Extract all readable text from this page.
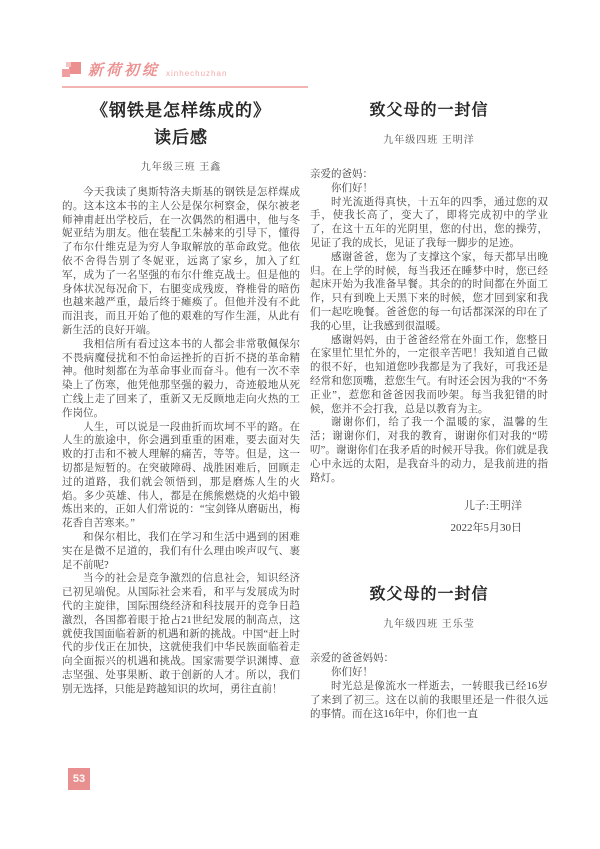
新荷初绽 xinhechuzhan
《钢铁是怎样练成的》
读后感
九年级三班 王鑫

今天我读了奥斯特洛夫斯基的钢铁是怎样煤成的。这本这本书的主人公是保尔柯察金，保尔被老师神甫赶出学校后，在一次偶然的相遇中，他与冬妮亚结为朋友。他在装配工朱赫来的引导下，懂得了布尔什维克是为穷人争取解放的革命政党。他依依不舍得告别了冬妮亚，远离了家乡，加入了红军，成为了一名坚强的布尔什维克战士。但是他的身体状况每况俞下，右腿变成残废，脊椎骨的暗伤也越来越严重，最后终于瘫痪了。但他并没有不此而沮丧，而且开始了他的艰难的写作生涯，从此有新生活的良好开端。

我相信所有看过这本书的人都会非常敬佩保尔不畏病魔侵扰和不怕命运挫折的百折不挠的革命精神。他时刻都在为革命事业而奋斗。他有一次不幸染上了伤寒，他凭他那坚强的毅力，奇迹般地从死亡线上走了回来了，重新又无反顾地走向火热的工作岗位。

人生，可以说是一段曲折而坎坷不平的路。在人生的旅途中，你会遇到重重的困难，要去面对失败的打击和不被人理解的痛苦，等等。但是，这一切都是短暂的。在突破障碍、战胜困难后，回顾走过的道路，我们就会领悟到，那是磨炼人生的火焰。多少英雄、伟人，都是在熊熊燃烧的火焰中锻炼出来的，正如人们常说的：“宝剑锋从磨砺出，梅花香自苦寒来。”

和保尔相比，我们在学习和生活中遇到的困难实在是微不足道的，我们有什么理由唉声叹气、裹足不前呢?

当今的社会是竞争激烈的信息社会，知识经济已初见端倪。从国际社会来看，和平与发展成为时代的主旋律，国际围绕经济和科技展开的竞争日趋激烈，各国都着眼于抢占21世纪发展的制高点，这就使我国面临着新的机遇和新的挑战。中国“赶上时代的步伐正在加快，这就使我们中华民族面临着走向全面振兴的机遇和挑战。国家需要学识渊博、意志坚强、处事果断、敢于创新的人才。所以，我们别无选择，只能是跨越知识的坎坷，勇往直前！

致父母的一封信
九年级四班 王明洋

亲爱的爸妈：

你们好！

时光流逝得真快，十五年的四季，通过您的双手，使我长高了，变大了，即将完成初中的学业了，在这十五年的光阴里，您的付出，您的操劳，见证了我的成长，见证了我每一脚步的足迹。

感谢爸爸，您为了支撑这个家，每天都早出晚归。在上学的时候，每当我还在睡梦中时，您已经起床开始为我准备早餐。其余的的时间都在外面工作，只有到晚上天黑下来的时候，您才回到家和我们一起吃晚餐。爸爸您的每一句话都深深的印在了我的心里，让我感到很温暖。

感谢妈妈，由于爸爸经常在外面工作，您整日在家里忙里忙外的，一定很辛苦吧！我知道自己做的很不好，也知道您吵我都是为了我好，可我还是经常和您顶嘴，惹您生气。有时还会因为我的“不务正业”，惹您和爸爸因我而吵架。每当我犯错的时候，您并不会打我，总是以教育为主。

谢谢你们，给了我一个温暖的家，温馨的生活；谢谢你们，对我的教育，谢谢你们对我的“唠叨”。谢谢你们在我矛盾的时候开导我。你们就是我心中永远的太阳，是我奋斗的动力，是我前进的指路灯。

儿子:王明洋
2022年5月30日
致父母的一封信
九年级四班 王乐莹

亲爱的爸爸妈妈：

你们好！

时光总是像流水一样逝去，一转眼我已经16岁了来到了初三。这在以前的我眼里还是一件很久远的事情。而在这16年中，你们也一直

53
